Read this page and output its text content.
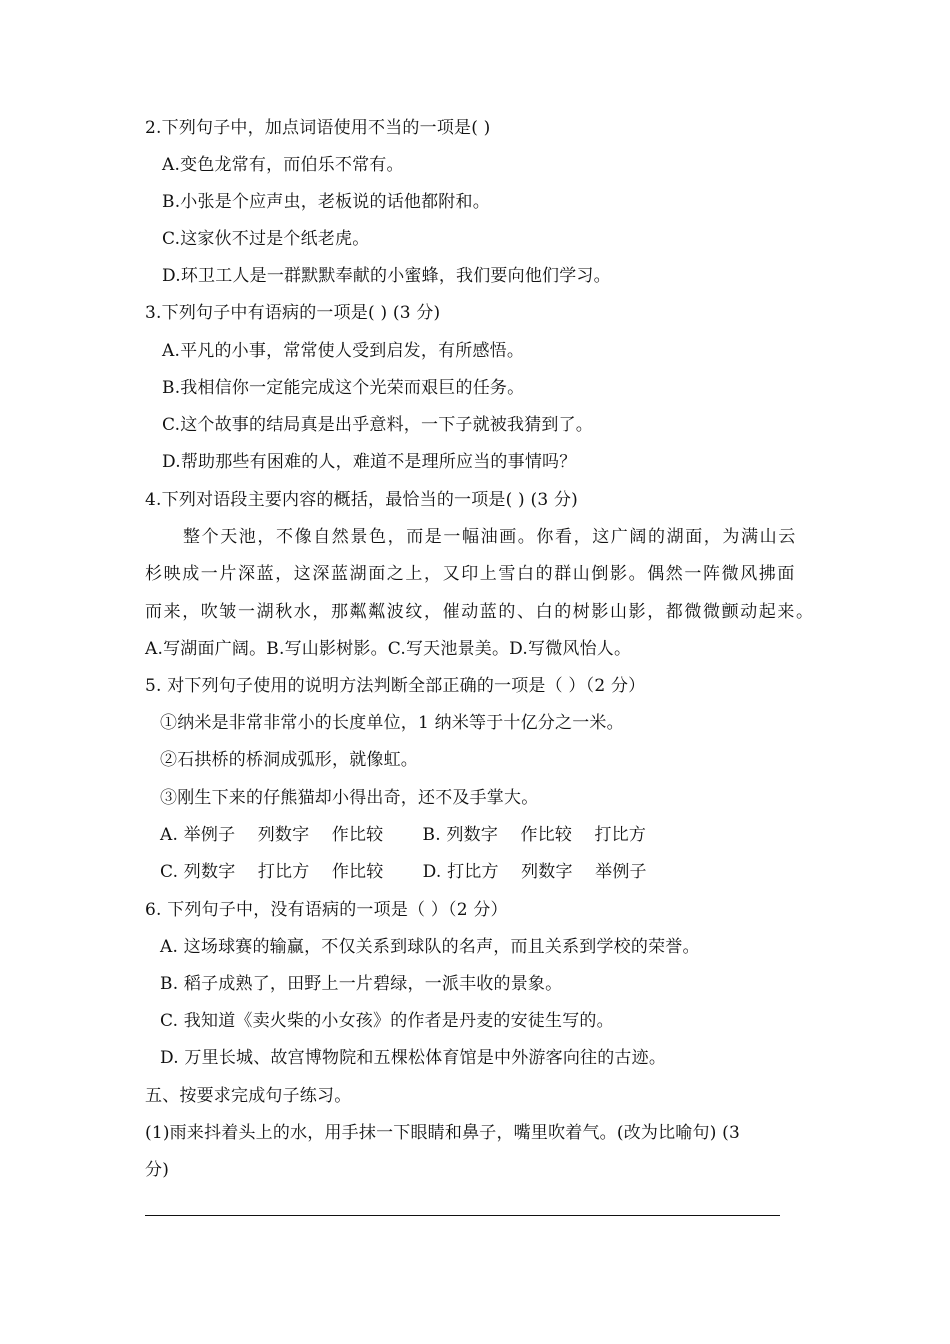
2.下列句子中，加点词语使用不当的一项是( )
A.变色龙常有，而伯乐不常有。
B.小张是个应声虫，老板说的话他都附和。
C.这家伙不过是个纸老虎。
D.环卫工人是一群默默奉献的小蜜蜂，我们要向他们学习。
3.下列句子中有语病的一项是( ) (3 分)
A.平凡的小事，常常使人受到启发，有所感悟。
B.我相信你一定能完成这个光荣而艰巨的任务。
C.这个故事的结局真是出乎意料，一下子就被我猜到了。
D.帮助那些有困难的人，难道不是理所应当的事情吗？
4.下列对语段主要内容的概括，最恰当的一项是( ) (3 分)
整个天池，不像自然景色，而是一幅油画。你看，这广阔的湖面，为满山云
杉映成一片深蓝，这深蓝湖面之上，又印上雪白的群山倒影。偶然一阵微风拂面
而来，吹皱一湖秋水，那粼粼波纹，催动蓝的、白的树影山影，都微微颤动起来。
A.写湖面广阔。B.写山影树影。C.写天池景美。D.写微风怡人。
5. 对下列句子使用的说明方法判断全部正确的一项是（ ）（2 分）
①纳米是非常非常小的长度单位，1 纳米等于十亿分之一米。
②石拱桥的桥洞成弧形，就像虹。
③刚生下来的仔熊猫却小得出奇，还不及手掌大。
A. 举例子    列数字    作比较       B. 列数字    作比较    打比方
C. 列数字    打比方    作比较       D. 打比方    列数字    举例子
6. 下列句子中，没有语病的一项是（ ）（2 分）
A. 这场球赛的输赢，不仅关系到球队的名声，而且关系到学校的荣誉。
B. 稻子成熟了，田野上一片碧绿，一派丰收的景象。
C. 我知道《卖火柴的小女孩》的作者是丹麦的安徒生写的。
D. 万里长城、故宫博物院和五棵松体育馆是中外游客向往的古迹。
五、按要求完成句子练习。
(1)雨来抖着头上的水，用手抹一下眼睛和鼻子，嘴里吹着气。(改为比喻句) (3
分)
